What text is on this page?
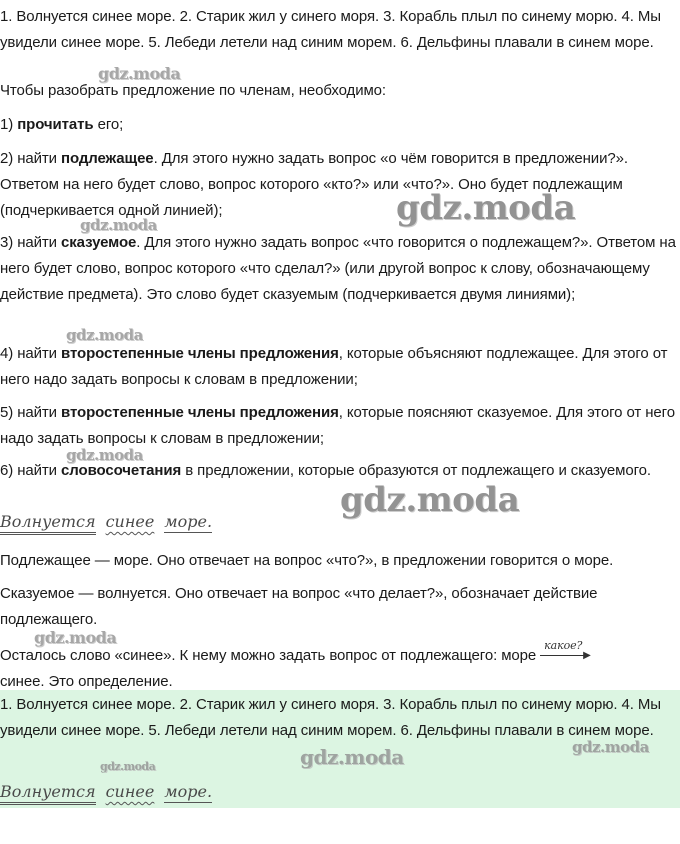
1. Волнуется синее море. 2. Старик жил у синего моря. 3. Корабль плыл по синему морю. 4. Мы увидели синее море. 5. Лебеди летели над синим морем. 6. Дельфины плавали в синем море.

Чтобы разобрать предложение по членам, необходимо:

1) прочитать его;

2) найти подлежащее. Для этого нужно задать вопрос «о чём говорится в предложении?». Ответом на него будет слово, вопрос которого «кто?» или «что?». Оно будет подлежащим (подчеркивается одной линией);

3) найти сказуемое. Для этого нужно задать вопрос «что говорится о подлежащем?». Ответом на него будет слово, вопрос которого «что сделал?» (или другой вопрос к слову, обозначающему действие предмета). Это слово будет сказуемым (подчеркивается двумя линиями);

4) найти второстепенные члены предложения, которые объясняют подлежащее. Для этого от него надо задать вопросы к словам в предложении;

5) найти второстепенные члены предложения, которые поясняют сказуемое. Для этого от него надо задать вопросы к словам в предложении;

6) найти словосочетания в предложении, которые образуются от подлежащего и сказуемого.

Волнуется синее море.

Подлежащее — море. Оно отвечает на вопрос «что?», в предложении говорится о море.

Сказуемое — волнуется. Оно отвечает на вопрос «что делает?», обозначает действие подлежащего.

Осталось слово «синее». К нему можно задать вопрос от подлежащего: море
какое?
▶

синее. Это определение.

1. Волнуется синее море. 2. Старик жил у синего моря. 3. Корабль плыл по синему морю. 4. Мы увидели синее море. 5. Лебеди летели над синим морем. 6. Дельфины плавали в синем море.

Волнуется синее море.
gdz.moda
gdz.moda
gdz.moda
gdz.moda
gdz.moda
gdz.moda
gdz.moda
gdz.moda	gdz.moda
gdz.moda
